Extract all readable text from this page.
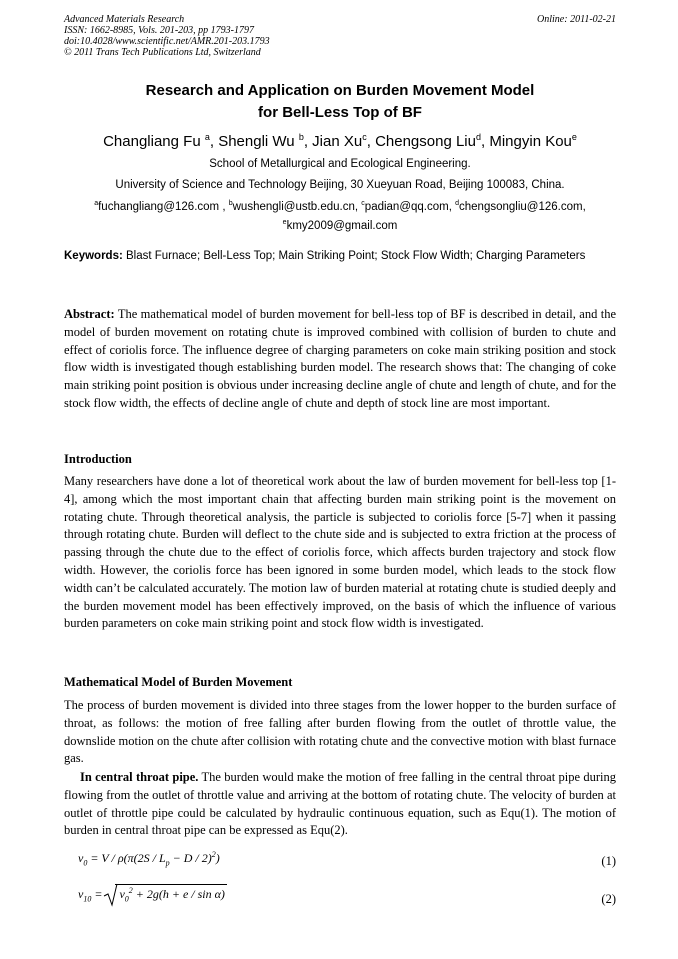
Advanced Materials Research
ISSN: 1662-8985, Vols. 201-203, pp 1793-1797
doi:10.4028/www.scientific.net/AMR.201-203.1793
© 2011 Trans Tech Publications Ltd, Switzerland
Online: 2011-02-21
Research and Application on Burden Movement Model
for Bell-Less Top of BF
Changliang Fu $^a$, Shengli Wu $^b$, Jian Xu$^c$, Chengsong Liu$^d$, Mingyin Kou$^e$
School of Metallurgical and Ecological Engineering.
University of Science and Technology Beijing, 30 Xueyuan Road, Beijing 100083, China.
$^a$fuchangliang@126.com , $^b$wushengli@ustb.edu.cn, $^c$padian@qq.com, $^d$chengsongliu@126.com,
$^e$kmy2009@gmail.com
Keywords: Blast Furnace; Bell-Less Top; Main Striking Point; Stock Flow Width; Charging Parameters
Abstract: The mathematical model of burden movement for bell-less top of BF is described in detail, and the model of burden movement on rotating chute is improved combined with collision of burden to chute and effect of coriolis force. The influence degree of charging parameters on coke main striking position and stock flow width is investigated though establishing burden model. The research shows that: The changing of coke main striking point position is obvious under increasing decline angle of chute and length of chute, and for the stock flow width, the effects of decline angle of chute and depth of stock line are most important.
Introduction
Many researchers have done a lot of theoretical work about the law of burden movement for bell-less top [1-4], among which the most important chain that affecting burden main striking point is the movement on rotating chute. Through theoretical analysis, the particle is subjected to coriolis force [5-7] when it passing through rotating chute. Burden will deflect to the chute side and is subjected to extra friction at the process of passing through the chute due to the effect of coriolis force, which affects burden trajectory and stock flow width. However, the coriolis force has been ignored in some burden model, which leads to the stock flow width can’t be calculated accurately. The motion law of burden material at rotating chute is studied deeply and the burden movement model has been effectively improved, on the basis of which the influence of various burden parameters on coke main striking point and stock flow width is investigated.
Mathematical Model of Burden Movement
The process of burden movement is divided into three stages from the lower hopper to the burden surface of throat, as follows: the motion of free falling after burden flowing from the outlet of throttle value, the downslide motion on the chute after collision with rotating chute and the convective motion with blast furnace gas.
In central throat pipe. The burden would make the motion of free falling in the central throat pipe during flowing from the outlet of throttle value and arriving at the bottom of rotating chute. The velocity of burden at outlet of throttle pipe could be calculated by hydraulic continuous equation, such as Equ(1). The motion of burden in central throat pipe can be expressed as Equ(2).
$v_0 = V / \rho(\pi(2S / L_p - D / 2)^2)$	(1)
$v_{10} = v_0^2 + 2g(h + e / \sin \alpha)$	(2)
